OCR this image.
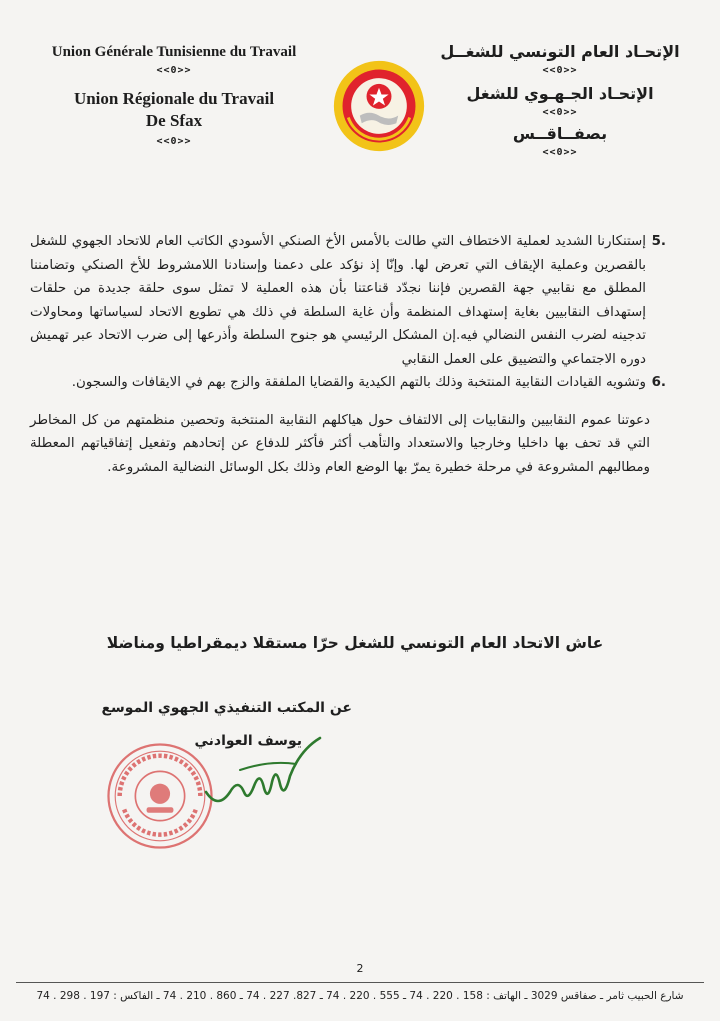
Union Générale Tunisienne du Travail
<<0>>
Union Régionale du Travail
De Sfax
<<0>>
الإتحـاد العام التونسي للشغــل
<<0>>
الإتحـاد الجـهـوي للشغل
<<0>>
بصفــاقــس
<<0>>
5.
إستنكارنا الشديد لعملية الاختطاف التي طالت بالأمس الأخ الصنكي الأسودي الكاتب العام للاتحاد الجهوي للشغل بالقصرين وعملية الإيقاف التي تعرض لها. وإنّا إذ نؤكد على دعمنا وإسنادنا اللامشروط للأخ الصنكي وتضامننا المطلق مع نقابيي جهة القصرين فإننا نجدّد قناعتنا بأن هذه العملية لا تمثل سوى حلقة جديدة من حلقات إستهداف النقابيين بغاية إستهداف المنظمة وأن غاية السلطة في ذلك هي تطويع الاتحاد لسياساتها ومحاولات تدجينه لضرب النفس النضالي فيه.إن المشكل الرئيسي هو جنوح السلطة وأذرعها إلى ضرب الاتحاد عبر تهميش دوره الاجتماعي والتضييق على العمل النقابي
6.
وتشويه القيادات النقابية المنتخبة وذلك بالتهم الكيدية والقضايا الملفقة والزج بهم في الايقافات والسجون.
دعوتنا عموم النقابيين والنقابيات إلى الالتفاف حول هياكلهم النقابية المنتخبة وتحصين منظمتهم من كل المخاطر التي قد تحف بها داخليا وخارجيا والاستعداد والتأهب أكثر فأكثر للدفاع عن إتحادهم وتفعيل إتفاقياتهم المعطلة ومطالبهم المشروعة في مرحلة خطيرة يمرّ بها الوضع العام وذلك بكل الوسائل النضالية المشروعة.
عاش الاتحاد العام التونسي للشغل حرّا مستقلا ديمقراطيا ومناضلا
عن المكتب التنفيذي الجهوي الموسع
يوسف العوادني
2
شارع الحبيب ثامر ـ صفاقس 3029 ـ الهاتف : 158 . 220 . 74 ـ 555 . 220 . 74 ـ 827. 227 . 74 ـ 860 . 210 . 74 ـ الفاكس : 197 . 298 . 74
